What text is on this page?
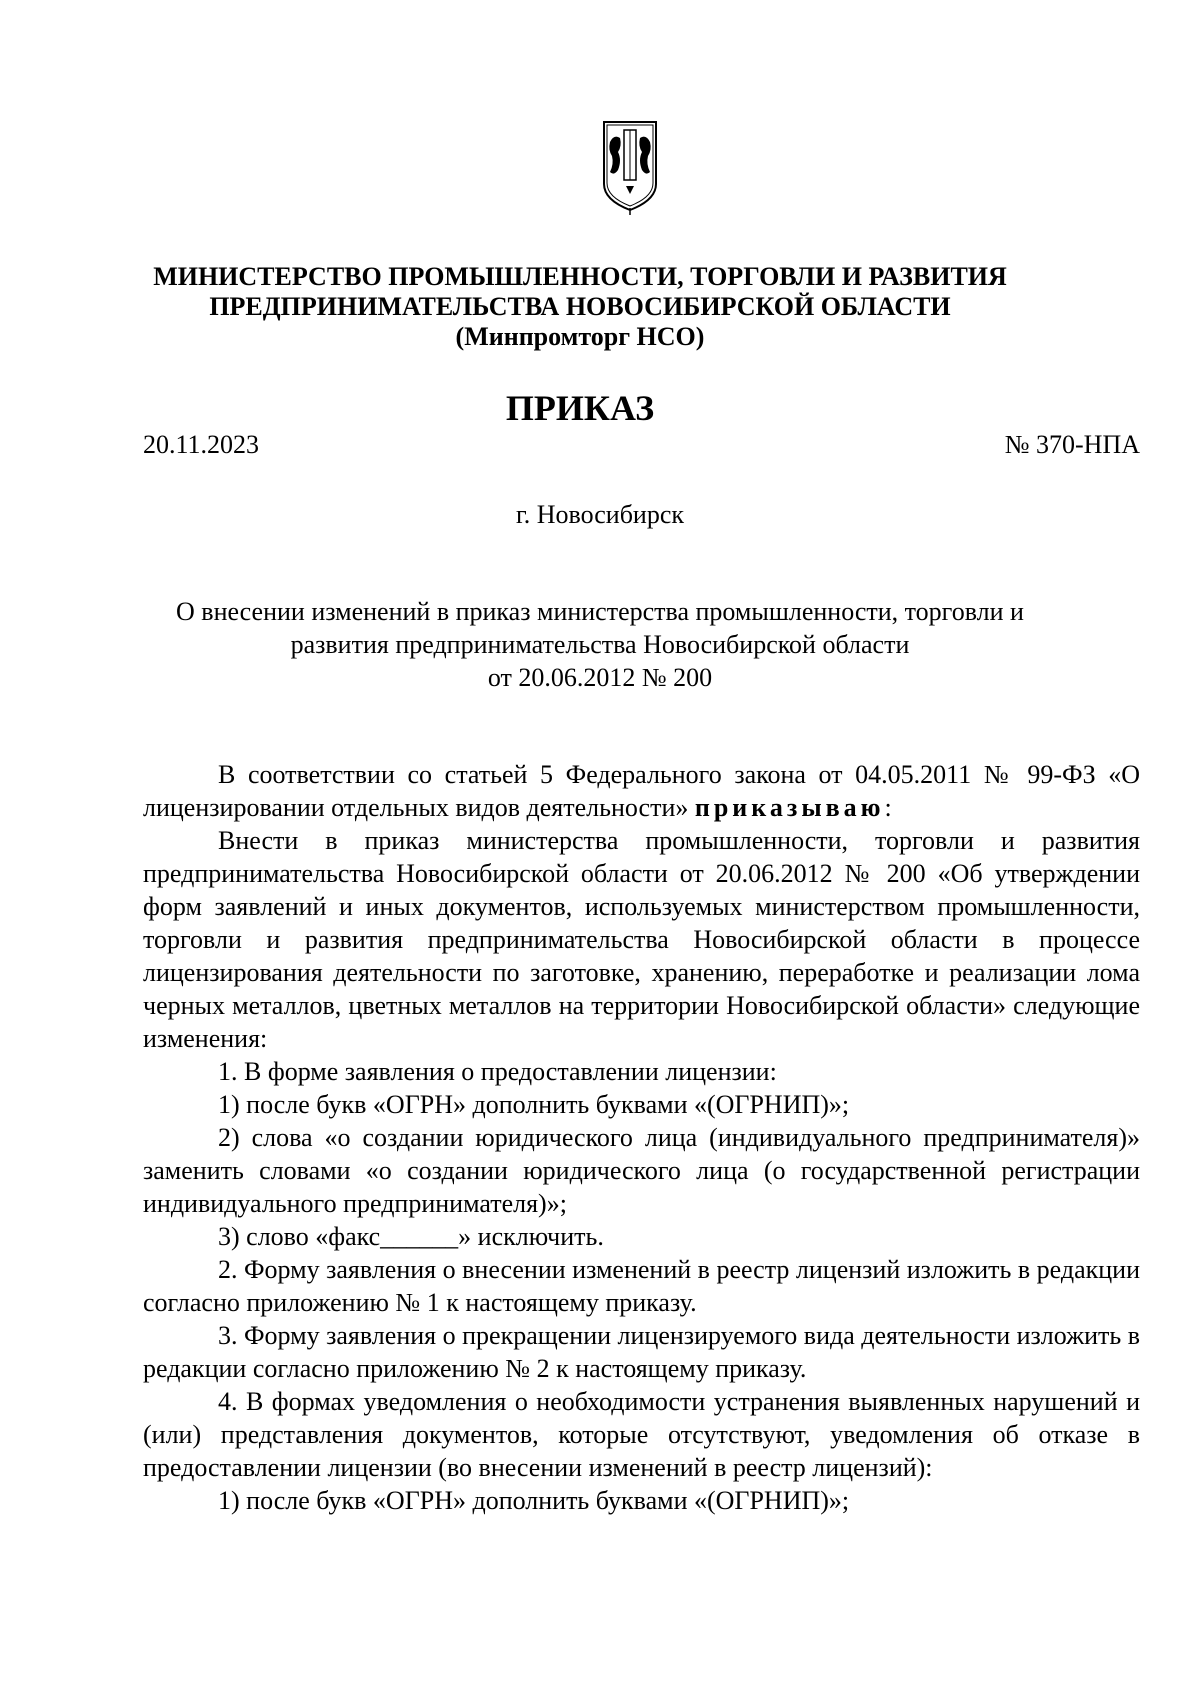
МИНИСТЕРСТВО ПРОМЫШЛЕННОСТИ, ТОРГОВЛИ И РАЗВИТИЯ
ПРЕДПРИНИМАТЕЛЬСТВА НОВОСИБИРСКОЙ ОБЛАСТИ
(Минпромторг НСО)
ПРИКАЗ
20.11.2023	№ 370-НПА
г. Новосибирск
О внесении изменений в приказ министерства промышленности, торговли и
развития предпринимательства Новосибирской области
от 20.06.2012 № 200

В соответствии со статьей 5 Федерального закона от 04.05.2011 № 99-ФЗ «О лицензировании отдельных видов деятельности» приказываю:

Внести в приказ министерства промышленности, торговли и развития предпринимательства Новосибирской области от 20.06.2012 № 200 «Об утверждении форм заявлений и иных документов, используемых министерством промышленности, торговли и развития предпринимательства Новосибирской области в процессе лицензирования деятельности по заготовке, хранению, переработке и реализации лома черных металлов, цветных металлов на территории Новосибирской области» следующие изменения:

1. В форме заявления о предоставлении лицензии:

1) после букв «ОГРН» дополнить буквами «(ОГРНИП)»;

2) слова «о создании юридического лица (индивидуального предпринимателя)» заменить словами «о создании юридического лица (о государственной регистрации индивидуального предпринимателя)»;

3) слово «факс______» исключить.

2. Форму заявления о внесении изменений в реестр лицензий изложить в редакции согласно приложению № 1 к настоящему приказу.

3. Форму заявления о прекращении лицензируемого вида деятельности изложить в редакции согласно приложению № 2 к настоящему приказу.

4. В формах уведомления о необходимости устранения выявленных нарушений и (или) представления документов, которые отсутствуют, уведомления об отказе в предоставлении лицензии (во внесении изменений в реестр лицензий):

1) после букв «ОГРН» дополнить буквами «(ОГРНИП)»;
